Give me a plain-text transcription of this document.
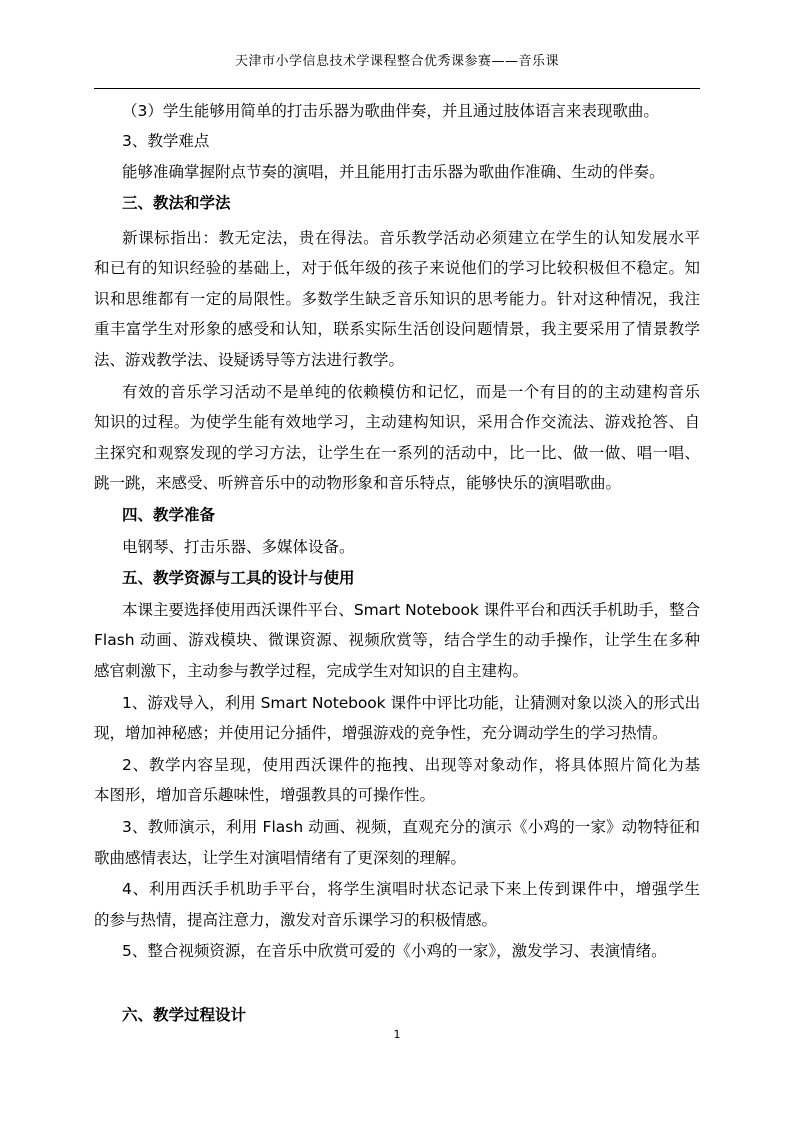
天津市小学信息技术学课程整合优秀课参赛——音乐课
（3）学生能够用简单的打击乐器为歌曲伴奏，并且通过肢体语言来表现歌曲。
3、教学难点
能够准确掌握附点节奏的演唱，并且能用打击乐器为歌曲作准确、生动的伴奏。
三、教法和学法
新课标指出：教无定法，贵在得法。音乐教学活动必须建立在学生的认知发展水平
和已有的知识经验的基础上，对于低年级的孩子来说他们的学习比较积极但不稳定。知
识和思维都有一定的局限性。多数学生缺乏音乐知识的思考能力。针对这种情况，我注
重丰富学生对形象的感受和认知，联系实际生活创设问题情景，我主要采用了情景教学
法、游戏教学法、设疑诱导等方法进行教学。
有效的音乐学习活动不是单纯的依赖模仿和记忆，而是一个有目的的主动建构音乐
知识的过程。为使学生能有效地学习，主动建构知识，采用合作交流法、游戏抢答、自
主探究和观察发现的学习方法，让学生在一系列的活动中，比一比、做一做、唱一唱、
跳一跳，来感受、听辨音乐中的动物形象和音乐特点，能够快乐的演唱歌曲。
四、教学准备
电钢琴、打击乐器、多媒体设备。
五、教学资源与工具的设计与使用
本课主要选择使用西沃课件平台、Smart Notebook 课件平台和西沃手机助手，整合
Flash 动画、游戏模块、微课资源、视频欣赏等，结合学生的动手操作，让学生在多种
感官刺激下，主动参与教学过程，完成学生对知识的自主建构。
1、游戏导入，利用 Smart Notebook 课件中评比功能，让猜测对象以淡入的形式出
现，增加神秘感；并使用记分插件，增强游戏的竞争性，充分调动学生的学习热情。
2、教学内容呈现，使用西沃课件的拖拽、出现等对象动作，将具体照片简化为基
本图形，增加音乐趣味性，增强教具的可操作性。
3、教师演示，利用 Flash 动画、视频，直观充分的演示《小鸡的一家》动物特征和
歌曲感情表达，让学生对演唱情绪有了更深刻的理解。
4、利用西沃手机助手平台，将学生演唱时状态记录下来上传到课件中，增强学生
的参与热情，提高注意力，激发对音乐课学习的积极情感。
5、整合视频资源，在音乐中欣赏可爱的《小鸡的一家》，激发学习、表演情绪。
六、教学过程设计
1
